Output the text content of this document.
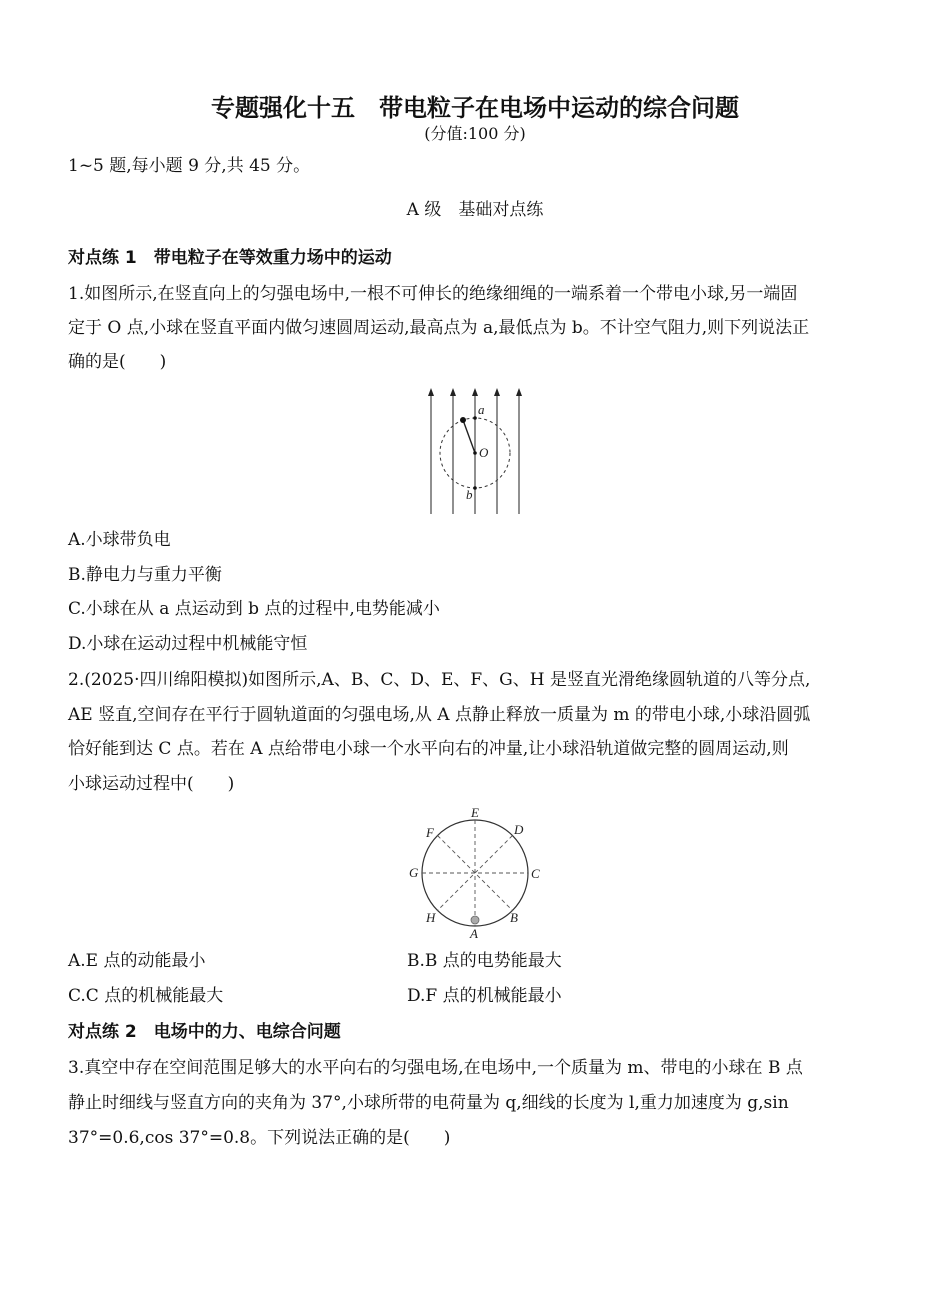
专题强化十五　带电粒子在电场中运动的综合问题
(分值:100 分)
1~5 题,每小题 9 分,共 45 分。
A 级　基础对点练
对点练 1　带电粒子在等效重力场中的运动
1.如图所示,在竖直向上的匀强电场中,一根不可伸长的绝缘细绳的一端系着一个带电小球,另一端固
定于 O 点,小球在竖直平面内做匀速圆周运动,最高点为 a,最低点为 b。不计空气阻力,则下列说法正
确的是(　　)
a
O
b
A.小球带负电
B.静电力与重力平衡
C.小球在从 a 点运动到 b 点的过程中,电势能减小
D.小球在运动过程中机械能守恒
2.(2025·四川绵阳模拟)如图所示,A、B、C、D、E、F、G、H 是竖直光滑绝缘圆轨道的八等分点,
AE 竖直,空间存在平行于圆轨道面的匀强电场,从 A 点静止释放一质量为 m 的带电小球,小球沿圆弧
恰好能到达 C 点。若在 A 点给带电小球一个水平向右的冲量,让小球沿轨道做完整的圆周运动,则
小球运动过程中(　　)
E
D
F
G	C
H	B
A
A.E 点的动能最小	B.B 点的电势能最大
C.C 点的机械能最大	D.F 点的机械能最小
对点练 2　电场中的力、电综合问题
3.真空中存在空间范围足够大的水平向右的匀强电场,在电场中,一个质量为 m、带电的小球在 B 点
静止时细线与竖直方向的夹角为 37°,小球所带的电荷量为 q,细线的长度为 l,重力加速度为 g,sin
37°=0.6,cos 37°=0.8。下列说法正确的是(　　)
